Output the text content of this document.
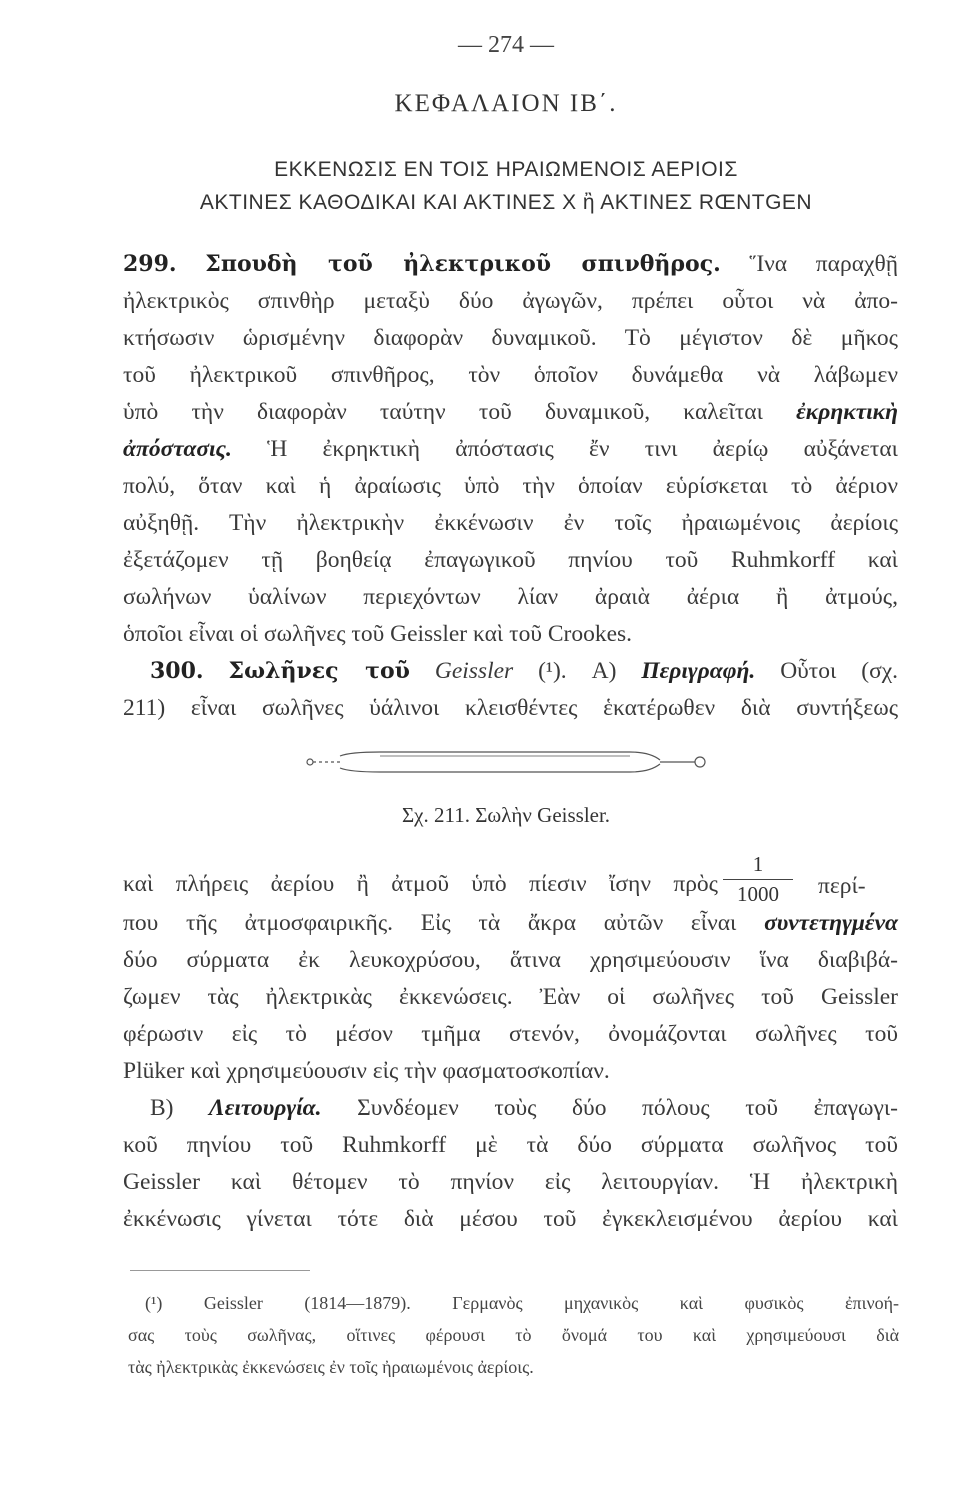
— 274 —
ΚΕΦΑΛΑΙΟΝ ΙΒ΄.
ΕΚΚΕΝΩΣΙΣ ΕΝ ΤΟΙΣ ΗΡΑΙΩΜΕΝΟΙΣ ΑΕΡΙΟΙΣ
ΑΚΤΙΝΕΣ ΚΑΘΟΔΙΚΑΙ ΚΑΙ ΑΚΤΙΝΕΣ Χ ἢ ΑΚΤΙΝΕΣ RŒNTGEN
299. Σπουδὴ τοῦ ἠλεκτρικοῦ σπινθῆρος. Ἵνα παραχθῇ
ἠλεκτρικὸς σπινθὴρ μεταξὺ δύο ἀγωγῶν, πρέπει οὗτοι νὰ ἀπο-
κτήσωσιν ὡρισμένην διαφορὰν δυναμικοῦ. Τὸ μέγιστον δὲ μῆκος
τοῦ ἠλεκτρικοῦ σπινθῆρος, τὸν ὁποῖον δυνάμεθα νὰ λάβωμεν
ὑπὸ τὴν διαφορὰν ταύτην τοῦ δυναμικοῦ, καλεῖται ἐκρηκτικὴ
ἀπόστασις. Ἡ ἐκρηκτικὴ ἀπόστασις ἔν τινι ἀερίῳ αὐξάνεται
πολύ, ὅταν καὶ ἡ ἀραίωσις ὑπὸ τὴν ὁποίαν εὑρίσκεται τὸ ἀέριον
αὐξηθῇ. Τὴν ἠλεκτρικὴν ἐκκένωσιν ἐν τοῖς ἠραιωμένοις ἀερίοις
ἐξετάζομεν τῇ βοηθείᾳ ἐπαγωγικοῦ πηνίου τοῦ Ruhmkorff καὶ
σωλήνων ὑαλίνων περιεχόντων λίαν ἀραιὰ ἀέρια ἢ ἀτμούς,
ὁποῖοι εἶναι οἱ σωλῆνες τοῦ Geissler καὶ τοῦ Crookes.
300. Σωλῆνες τοῦ Geissler (¹). Α) Περιγραφή. Οὗτοι (σχ.
211) εἶναι σωλῆνες ὑάλινοι κλεισθέντες ἑκατέρωθεν διὰ συντήξεως
Σχ. 211. Σωλὴν Geissler.
καὶ πλήρεις ἀερίου ἢ ἀτμοῦ ὑπὸ πίεσιν ἴσην πρὸς $\frac{1}{1000} \pi\varepsilon\rho ί-$
που τῆς ἀτμοσφαιρικῆς. Εἰς τὰ ἄκρα αὐτῶν εἶναι συντετηγμένα
δύο σύρματα ἐκ λευκοχρύσου, ἅτινα χρησιμεύουσιν ἵνα διαβιβά-
ζωμεν τὰς ἠλεκτρικὰς ἐκκενώσεις. Ἐὰν οἱ σωλῆνες τοῦ Geissler
φέρωσιν εἰς τὸ μέσον τμῆμα στενόν, ὀνομάζονται σωλῆνες τοῦ
Plüker καὶ χρησιμεύουσιν εἰς τὴν φασματοσκοπίαν.
Β) Λειτουργία. Συνδέομεν τοὺς δύο πόλους τοῦ ἐπαγωγι-
κοῦ πηνίου τοῦ Ruhmkorff μὲ τὰ δύο σύρματα σωλῆνος τοῦ
Geissler καὶ θέτομεν τὸ πηνίον εἰς λειτουργίαν. Ἡ ἠλεκτρικὴ
ἐκκένωσις γίνεται τότε διὰ μέσου τοῦ ἐγκεκλεισμένου ἀερίου καὶ
(¹) Geissler (1814—1879). Γερμανὸς μηχανικὸς καὶ φυσικὸς ἐπινοή-
σας τοὺς σωλῆνας, οἵτινες φέρουσι τὸ ὄνομά του καὶ χρησιμεύουσι διὰ
τὰς ἠλεκτρικὰς ἐκκενώσεις ἐν τοῖς ἠραιωμένοις ἀερίοις.
